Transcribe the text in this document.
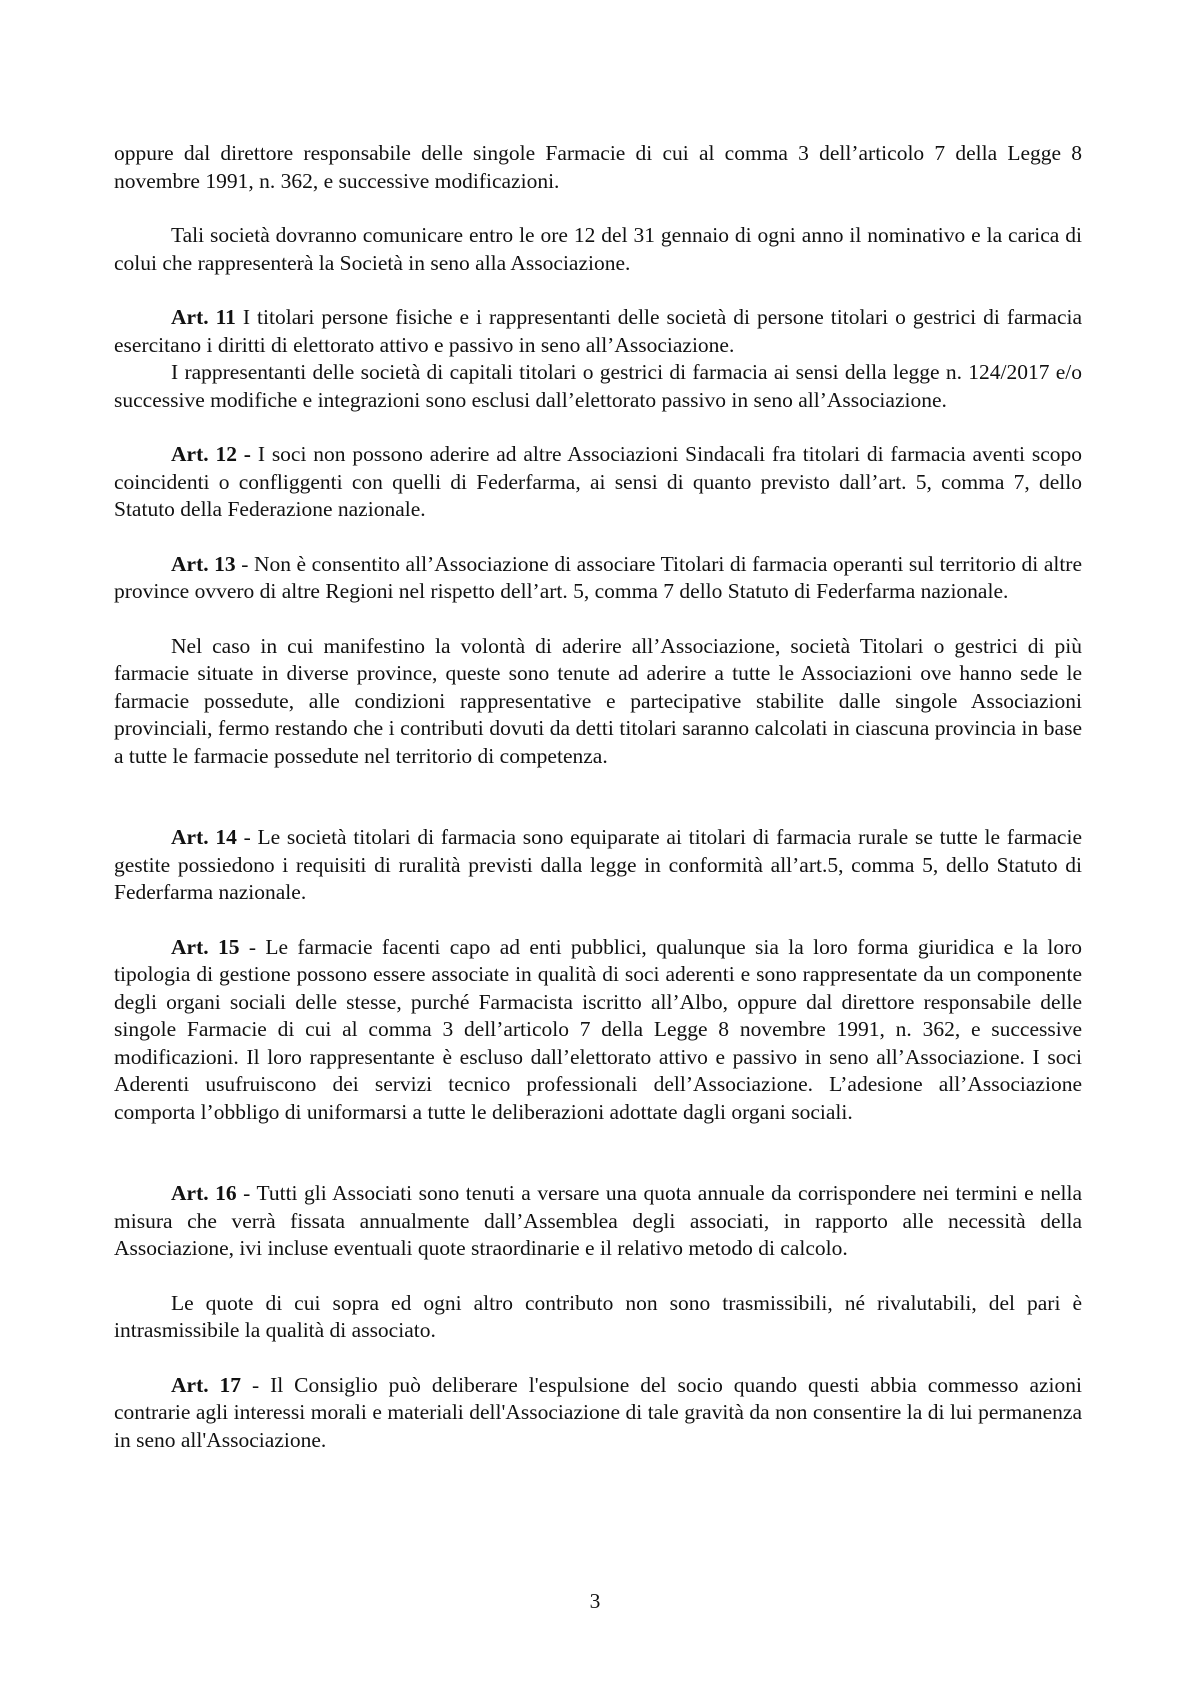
oppure dal direttore responsabile delle singole Farmacie di cui al comma 3 dell’articolo 7 della Legge 8 novembre 1991, n. 362, e successive modificazioni.

Tali società dovranno comunicare entro le ore 12 del 31 gennaio di ogni anno il nominativo e la carica di colui che rappresenterà la Società in seno alla Associazione.

Art. 11 I titolari persone fisiche e i rappresentanti delle società di persone titolari o gestrici di farmacia esercitano i diritti di elettorato attivo e passivo in seno all’Associazione.

I rappresentanti delle società di capitali titolari o gestrici di farmacia ai sensi della legge n. 124/2017 e/o successive modifiche e integrazioni sono esclusi dall’elettorato passivo in seno all’Associazione.

Art. 12 - I soci non possono aderire ad altre Associazioni Sindacali fra titolari di farmacia aventi scopo coincidenti o confliggenti con quelli di Federfarma, ai sensi di quanto previsto dall’art. 5, comma 7, dello Statuto della Federazione nazionale.

Art. 13 - Non è consentito all’Associazione di associare Titolari di farmacia operanti sul territorio di altre province ovvero di altre Regioni nel rispetto dell’art. 5, comma 7 dello Statuto di Federfarma nazionale.

Nel caso in cui manifestino la volontà di aderire all’Associazione, società Titolari o gestrici di più farmacie situate in diverse province, queste sono tenute ad aderire a tutte le Associazioni ove hanno sede le farmacie possedute, alle condizioni rappresentative e partecipative stabilite dalle singole Associazioni provinciali, fermo restando che i contributi dovuti da detti titolari saranno calcolati in ciascuna provincia in base a tutte le farmacie possedute nel territorio di competenza.

Art. 14 - Le società titolari di farmacia sono equiparate ai titolari di farmacia rurale se tutte le farmacie gestite possiedono i requisiti di ruralità previsti dalla legge in conformità all’art.5, comma 5, dello Statuto di Federfarma nazionale.

Art. 15 - Le farmacie facenti capo ad enti pubblici, qualunque sia la loro forma giuridica e la loro tipologia di gestione possono essere associate in qualità di soci aderenti e sono rappresentate da un componente degli organi sociali delle stesse, purché Farmacista iscritto all’Albo, oppure dal direttore responsabile delle singole Farmacie di cui al comma 3 dell’articolo 7 della Legge 8 novembre 1991, n. 362, e successive modificazioni. Il loro rappresentante è escluso dall’elettorato attivo e passivo in seno all’Associazione. I soci Aderenti usufruiscono dei servizi tecnico professionali dell’Associazione. L’adesione all’Associazione comporta l’obbligo di uniformarsi a tutte le deliberazioni adottate dagli organi sociali.

Art. 16 - Tutti gli Associati sono tenuti a versare una quota annuale da corrispondere nei termini e nella misura che verrà fissata annualmente dall’Assemblea degli associati, in rapporto alle necessità della Associazione, ivi incluse eventuali quote straordinarie e il relativo metodo di calcolo.

Le quote di cui sopra ed ogni altro contributo non sono trasmissibili, né rivalutabili, del pari è intrasmissibile la qualità di associato.

Art. 17 - Il Consiglio può deliberare l'espulsione del socio quando questi abbia commesso azioni contrarie agli interessi morali e materiali dell'Associazione di tale gravità da non consentire la di lui permanenza in seno all'Associazione.

3
